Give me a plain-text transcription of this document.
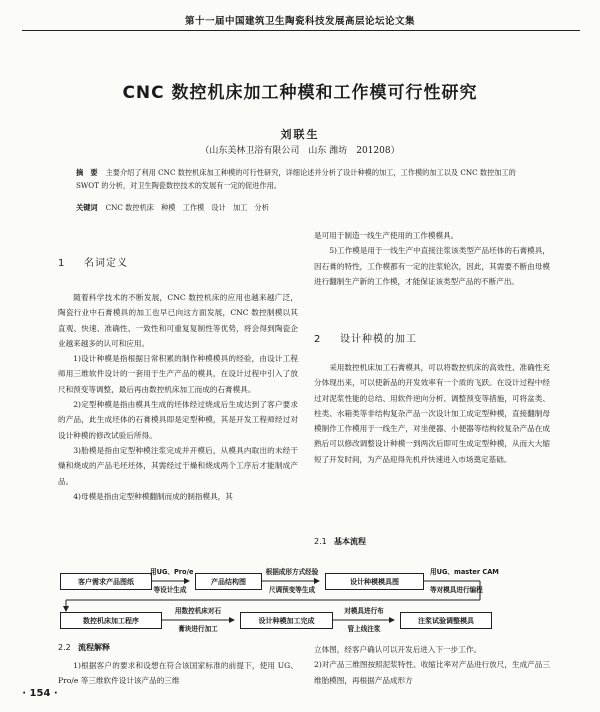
第十一届中国建筑卫生陶瓷科技发展高层论坛论文集
CNC 数控机床加工种模和工作模可行性研究
刘联生
（山东美林卫浴有限公司　山东 潍坊　201208）
摘　要 主要介绍了利用 CNC 数控机床加工种模的可行性研究，详细论述并分析了设计种模的加工，工作模的加工以及 CNC 数控加工的 SWOT 的分析，对卫生陶瓷数控技术的发展有一定的促进作用。
关键词 CNC 数控机床　种模　工作模　设计　加工　分析
1 名词定义

随着科学技术的不断发展，CNC 数控机床的应用也越来越广泛，陶瓷行业中石膏模具的加工也早已向这方面发展，CNC 数控制模以其直观、快速、准确性、一致性和可重复复制性等优势，将会得到陶瓷企业越来越多的认可和应用。

1)设计种模是指根据日常积累的制作种模模具的经验，由设计工程师用三维软件设计的一套用于生产产品的模具，在设计过程中引入了放尺和预变等调整，最后再由数控机床加工而成的石膏模具。

2)定型种模是指由模具生成的坯体经过烧成后生成达到了客户要求的产品，此生成坯体的石膏模具即是定型种模，其是开发工程师经过对设计种模的修改试验后所得。

3)胎模是指由定型种模注浆完成并开模后，从模具内取出的未经干燥和烧成的产品毛坯坯体，其需经过干燥和烧成两个工序后才能制成产品。

4)母模是指由定型种模翻制而成的制指模具，其

是可用于制造一线生产使用的工作模模具。

5)工作模是用于一线生产中直接注浆该类型产品坯体的石膏模具，因石膏的特性，工作模都有一定的注浆轮次，因此，其需要不断由母模进行翻制生产新的工作模，才能保证该类型产品的不断产出。

2 设计种模的加工

采用数控机床加工石膏模具，可以将数控机床的高效性、准确性充分体现出来，可以使新品的开发效率有一个质的飞跃。在设计过程中经过对泥浆性能的总结、用软件逆向分析、调整预变等措施，可将盆类、柱类、水箱类等非结构复杂产品一次设计加工成定型种模，直接翻制母模制作工作模用于一线生产，对坐便器、小便器等结构较复杂产品在成熟后可以修改调整设计种模一到两次后即可生成定型种模，从而大大缩短了开发时间，为产品迎得先机并快速进入市场奠定基础。

2.1 基本流程
客户需求产品图纸
用UG、Pro/e
等设计生成
产品结构图
根据成形方式经验
尺调预变等生成
设计种模模具图
用UG、master CAM
等对模具进行编程
数控机床加工程序
用数控机床对石
膏块进行加工
设计种模加工完成
对模具进行布
管上线注浆
注浆试验调整模具
2.2 流程解释

1)根据客户的要求和设想在符合该国家标准的前提下，使用 UG、Pro/e 等三维软件设计该产品的三维

立体图，经客户确认可以开发后进入下一步工作。
2)对产品三维图按照泥浆特性、收缩比率对产品进行放尺，生成产品三维胎模图，再根据产品成形方
· 154 ·
